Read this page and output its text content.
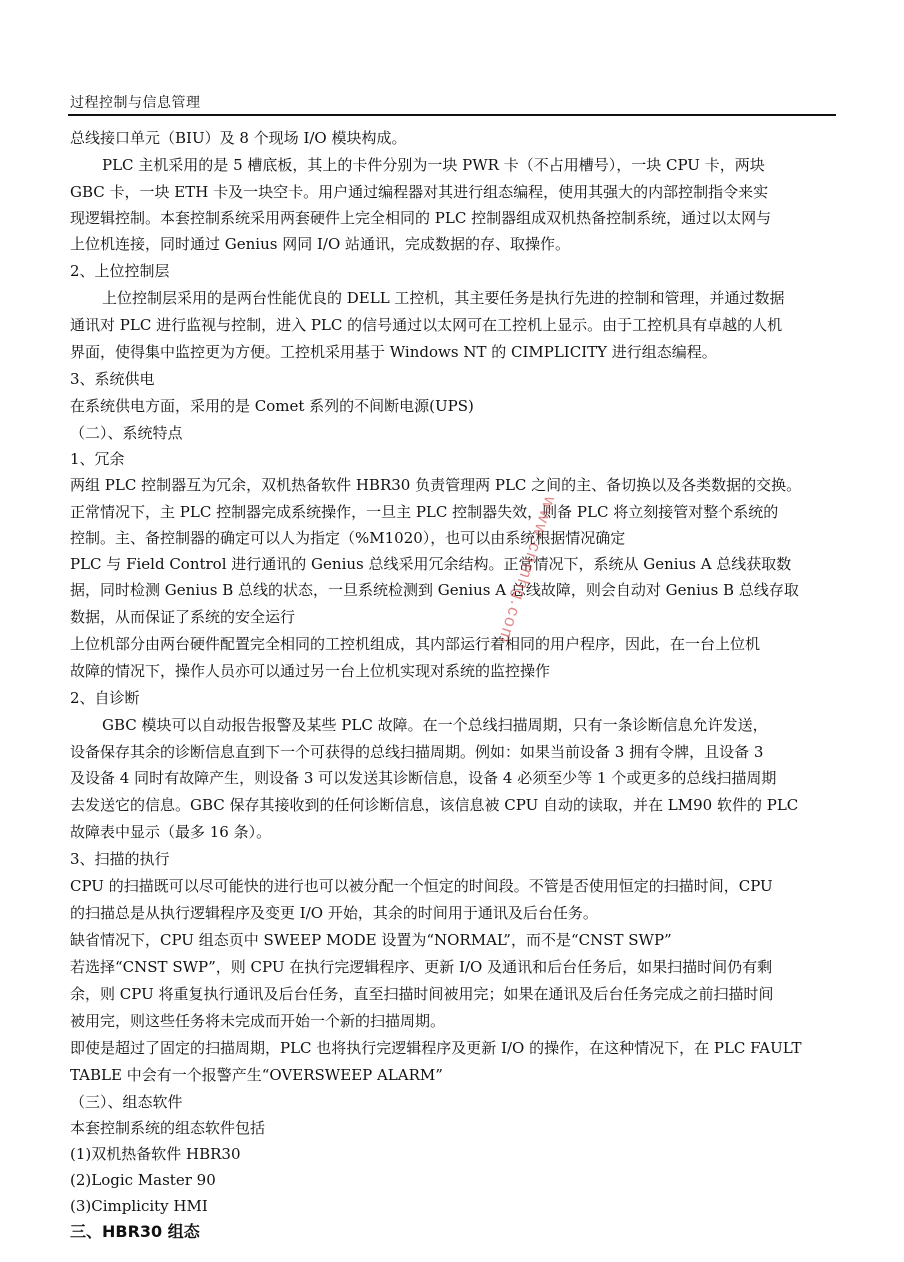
过程控制与信息管理
总线接口单元（BIU）及 8 个现场 I/O 模块构成。
PLC 主机采用的是 5 槽底板，其上的卡件分别为一块 PWR 卡（不占用槽号），一块 CPU 卡，两块
GBC 卡，一块 ETH 卡及一块空卡。用户通过编程器对其进行组态编程，使用其强大的内部控制指令来实
现逻辑控制。本套控制系统采用两套硬件上完全相同的 PLC 控制器组成双机热备控制系统，通过以太网与
上位机连接，同时通过 Genius 网同 I/O 站通讯，完成数据的存、取操作。
2、上位控制层
上位控制层采用的是两台性能优良的 DELL 工控机，其主要任务是执行先进的控制和管理，并通过数据
通讯对 PLC 进行监视与控制，进入 PLC 的信号通过以太网可在工控机上显示。由于工控机具有卓越的人机
界面，使得集中监控更为方便。工控机采用基于 Windows NT 的 CIMPLICITY 进行组态编程。
3、系统供电
在系统供电方面，采用的是 Comet 系列的不间断电源(UPS)
（二）、系统特点
1、冗余
两组 PLC 控制器互为冗余，双机热备软件 HBR30 负责管理两 PLC 之间的主、备切换以及各类数据的交换。
正常情况下，主 PLC 控制器完成系统操作，一旦主 PLC 控制器失效，则备 PLC 将立刻接管对整个系统的
控制。主、备控制器的确定可以人为指定（%M1020），也可以由系统根据情况确定
PLC 与 Field Control 进行通讯的 Genius 总线采用冗余结构。正常情况下，系统从 Genius A 总线获取数
据，同时检测 Genius B 总线的状态，一旦系统检测到 Genius A 总线故障，则会自动对 Genius B 总线存取
数据，从而保证了系统的安全运行
上位机部分由两台硬件配置完全相同的工控机组成，其内部运行着相同的用户程序，因此，在一台上位机
故障的情况下，操作人员亦可以通过另一台上位机实现对系统的监控操作
2、自诊断
GBC 模块可以自动报告报警及某些 PLC 故障。在一个总线扫描周期，只有一条诊断信息允许发送，
设备保存其余的诊断信息直到下一个可获得的总线扫描周期。例如：如果当前设备 3 拥有令牌，且设备 3
及设备 4 同时有故障产生，则设备 3 可以发送其诊断信息，设备 4 必须至少等 1 个或更多的总线扫描周期
去发送它的信息。GBC 保存其接收到的任何诊断信息，该信息被 CPU 自动的读取，并在 LM90 软件的 PLC
故障表中显示（最多 16 条）。
3、扫描的执行
CPU 的扫描既可以尽可能快的进行也可以被分配一个恒定的时间段。不管是否使用恒定的扫描时间，CPU
的扫描总是从执行逻辑程序及变更 I/O 开始，其余的时间用于通讯及后台任务。
缺省情况下，CPU 组态页中 SWEEP MODE 设置为“NORMAL”，而不是“CNST SWP”
若选择“CNST SWP”，则 CPU 在执行完逻辑程序、更新 I/O 及通讯和后台任务后，如果扫描时间仍有剩
余，则 CPU 将重复执行通讯及后台任务，直至扫描时间被用完；如果在通讯及后台任务完成之前扫描时间
被用完，则这些任务将未完成而开始一个新的扫描周期。
即使是超过了固定的扫描周期，PLC 也将执行完逻辑程序及更新 I/O 的操作，在这种情况下，在 PLC FAULT
TABLE 中会有一个报警产生“OVERSWEEP ALARM”
（三）、组态软件
本套控制系统的组态软件包括
(1)双机热备软件 HBR30
(2)Logic Master 90
(3)Cimplicity HMI
三、HBR30 组态
www.cnmhg.com
